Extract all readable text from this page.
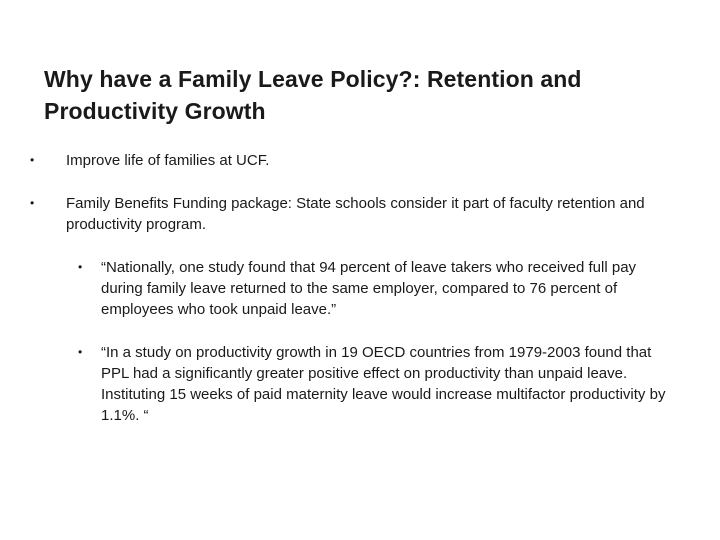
Why have a Family Leave Policy?: Retention and Productivity Growth
• Improve life of families at UCF.
• Family Benefits Funding package: State schools consider it part of faculty retention and productivity program.
• “Nationally, one study found that 94 percent of leave takers who received full pay during family leave returned to the same employer, compared to 76 percent of employees who took unpaid leave.”
• “In a study on productivity growth in 19 OECD countries from 1979-2003 found that PPL had a significantly greater positive effect on productivity than unpaid leave. Instituting 15 weeks of paid maternity leave would increase multifactor productivity by 1.1%. “
